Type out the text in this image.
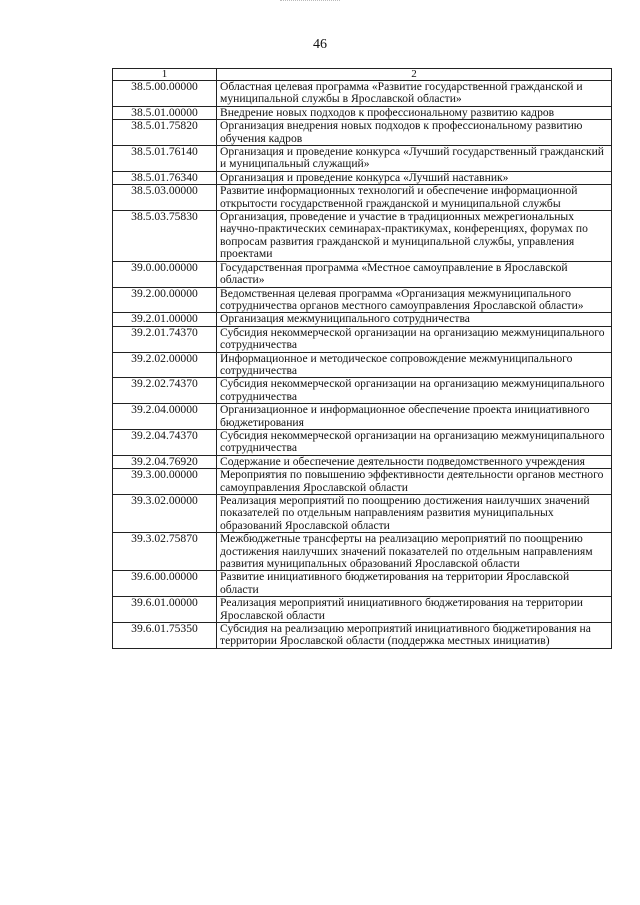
46
1	2
38.5.00.00000	Областная целевая программа «Развитие государственной гражданской и муниципальной службы в Ярославской области»
38.5.01.00000	Внедрение новых подходов к профессиональному развитию кадров
38.5.01.75820	Организация внедрения новых подходов к профессиональному развитию обучения кадров
38.5.01.76140	Организация и проведение конкурса «Лучший государственный гражданский и муниципальный служащий»
38.5.01.76340	Организация и проведение конкурса «Лучший наставник»
38.5.03.00000	Развитие информационных технологий и обеспечение информационной открытости государственной гражданской и муниципальной службы
38.5.03.75830	Организация, проведение и участие в традиционных межрегиональных научно-практических семинарах-практикумах, конференциях, форумах по вопросам развития гражданской и муниципальной службы, управления проектами
39.0.00.00000	Государственная программа «Местное самоуправление в Ярославской области»
39.2.00.00000	Ведомственная целевая программа «Организация межмуниципального сотрудничества органов местного самоуправления Ярославской области»
39.2.01.00000	Организация межмуниципального сотрудничества
39.2.01.74370	Субсидия некоммерческой организации на организацию межмуниципального сотрудничества
39.2.02.00000	Информационное и методическое сопровождение межмуниципального сотрудничества
39.2.02.74370	Субсидия некоммерческой организации на организацию межмуниципального сотрудничества
39.2.04.00000	Организационное и информационное обеспечение проекта инициативного бюджетирования
39.2.04.74370	Субсидия некоммерческой организации на организацию межмуниципального сотрудничества
39.2.04.76920	Содержание и обеспечение деятельности подведомственного учреждения
39.3.00.00000	Мероприятия по повышению эффективности деятельности органов местного самоуправления Ярославской области
39.3.02.00000	Реализация мероприятий по поощрению достижения наилучших значений показателей по отдельным направлениям развития муниципальных образований Ярославской области
39.3.02.75870	Межбюджетные трансферты на реализацию мероприятий по поощрению достижения наилучших значений показателей по отдельным направлениям развития муниципальных образований Ярославской области
39.6.00.00000	Развитие инициативного бюджетирования на территории Ярославской области
39.6.01.00000	Реализация мероприятий инициативного бюджетирования на территории Ярославской области
39.6.01.75350	Субсидия на реализацию мероприятий инициативного бюджетирования на территории Ярославской области (поддержка местных инициатив)
